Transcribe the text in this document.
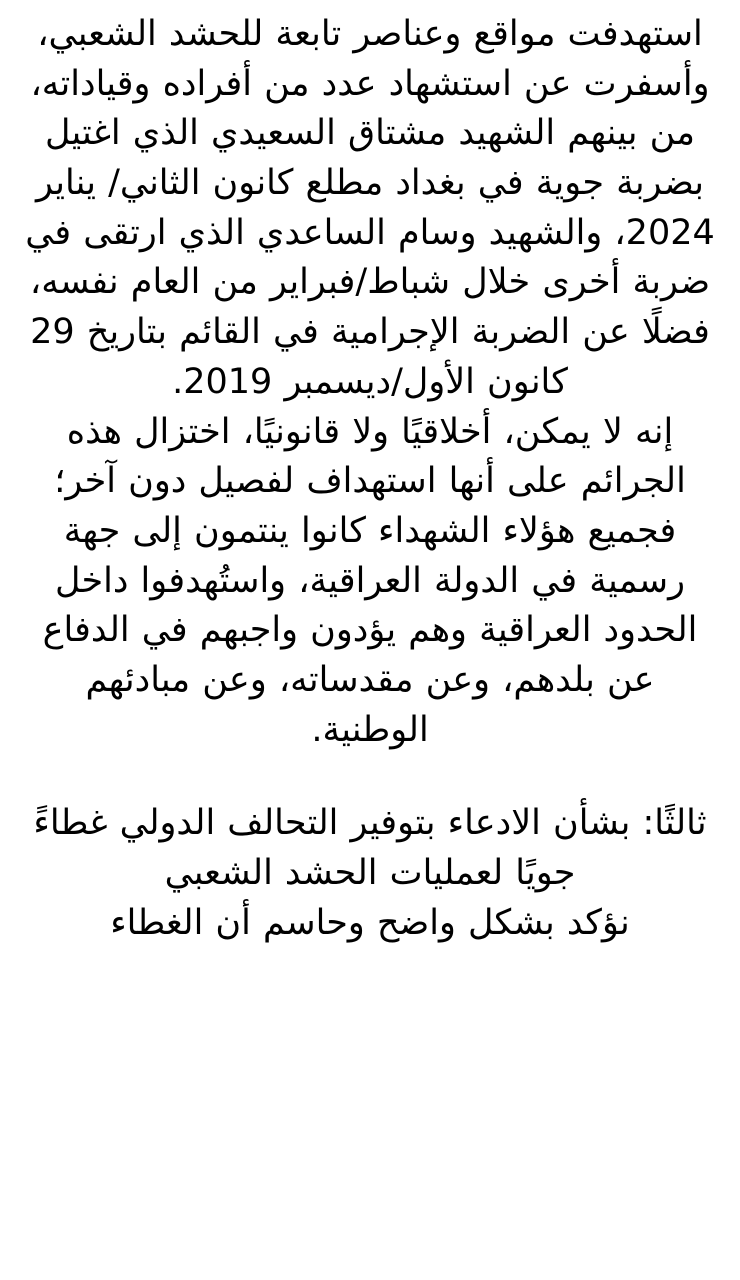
استهدفت مواقع وعناصر تابعة للحشد الشعبي، وأسفرت عن استشهاد عدد من أفراده وقياداته، من بينهم الشهيد مشتاق السعيدي الذي اغتيل بضربة جوية في بغداد مطلع كانون الثاني/ يناير 2024، والشهيد وسام الساعدي الذي ارتقى في ضربة أخرى خلال شباط/فبراير من العام نفسه، فضلًا عن الضربة الإجرامية في القائم بتاريخ 29 كانون الأول/ديسمبر 2019.
إنه لا يمكن، أخلاقيًا ولا قانونيًا، اختزال هذه الجرائم على أنها استهداف لفصيل دون آخر؛ فجميع هؤلاء الشهداء كانوا ينتمون إلى جهة رسمية في الدولة العراقية، واستُهدفوا داخل الحدود العراقية وهم يؤدون واجبهم في الدفاع عن بلدهم، وعن مقدساته، وعن مبادئهم الوطنية.
ثالثًا: بشأن الادعاء بتوفير التحالف الدولي غطاءً جويًا لعمليات الحشد الشعبي
نؤكد بشكل واضح وحاسم أن الغطاء
